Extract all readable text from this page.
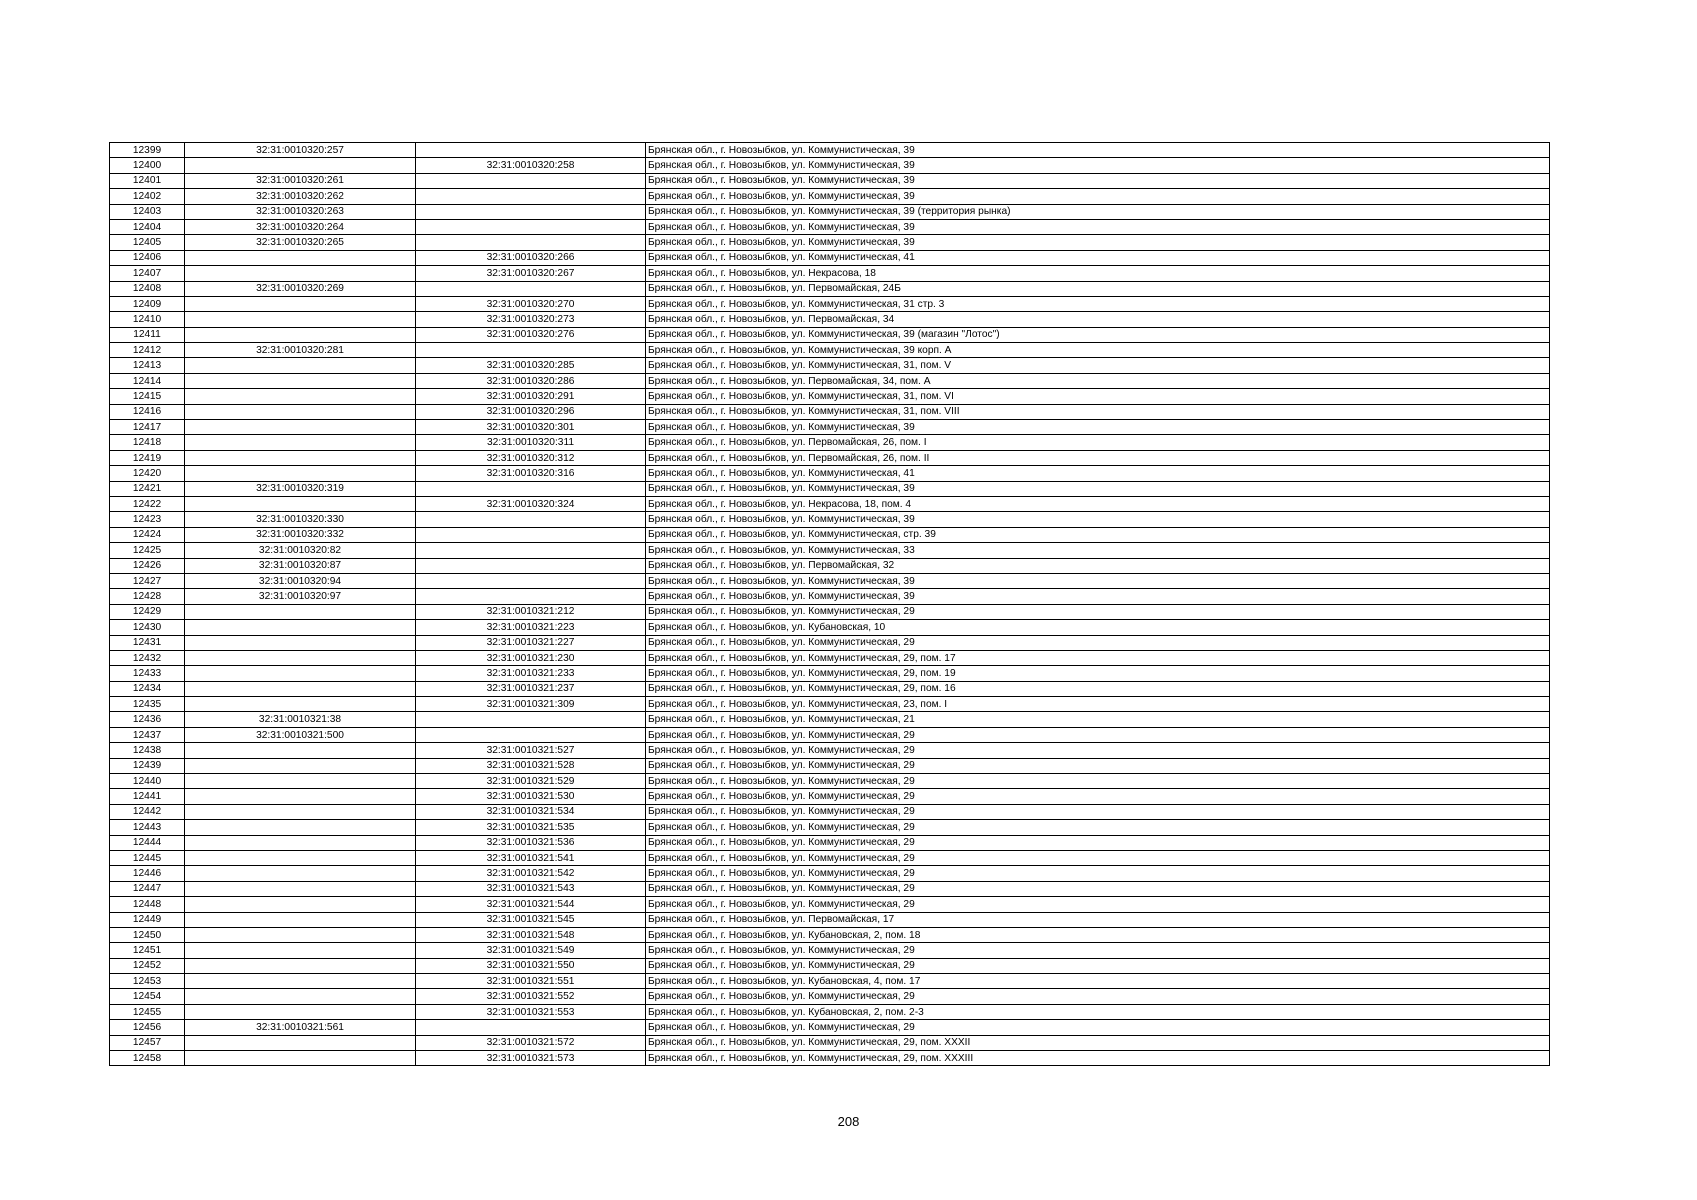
12399	32:31:0010320:257		Брянская обл., г. Новозыбков, ул. Коммунистическая, 39
12400		32:31:0010320:258	Брянская обл., г. Новозыбков, ул. Коммунистическая, 39
12401	32:31:0010320:261		Брянская обл., г. Новозыбков, ул. Коммунистическая, 39
12402	32:31:0010320:262		Брянская обл., г. Новозыбков, ул. Коммунистическая, 39
12403	32:31:0010320:263		Брянская обл., г. Новозыбков, ул. Коммунистическая, 39 (территория рынка)
12404	32:31:0010320:264		Брянская обл., г. Новозыбков, ул. Коммунистическая, 39
12405	32:31:0010320:265		Брянская обл., г. Новозыбков, ул. Коммунистическая, 39
12406		32:31:0010320:266	Брянская обл., г. Новозыбков, ул. Коммунистическая, 41
12407		32:31:0010320:267	Брянская обл., г. Новозыбков, ул. Некрасова, 18
12408	32:31:0010320:269		Брянская обл., г. Новозыбков, ул. Первомайская, 24Б
12409		32:31:0010320:270	Брянская обл., г. Новозыбков, ул. Коммунистическая, 31 стр. 3
12410		32:31:0010320:273	Брянская обл., г. Новозыбков, ул. Первомайская, 34
12411		32:31:0010320:276	Брянская обл., г. Новозыбков, ул. Коммунистическая, 39 (магазин "Лотос")
12412	32:31:0010320:281		Брянская обл., г. Новозыбков, ул. Коммунистическая, 39 корп. А
12413		32:31:0010320:285	Брянская обл., г. Новозыбков, ул. Коммунистическая, 31, пом. V
12414		32:31:0010320:286	Брянская обл., г. Новозыбков, ул. Первомайская, 34, пом. А
12415		32:31:0010320:291	Брянская обл., г. Новозыбков, ул. Коммунистическая, 31, пом. VI
12416		32:31:0010320:296	Брянская обл., г. Новозыбков, ул. Коммунистическая, 31, пом. VIII
12417		32:31:0010320:301	Брянская обл., г. Новозыбков, ул. Коммунистическая, 39
12418		32:31:0010320:311	Брянская обл., г. Новозыбков, ул. Первомайская, 26, пом. I
12419		32:31:0010320:312	Брянская обл., г. Новозыбков, ул. Первомайская, 26, пом. II
12420		32:31:0010320:316	Брянская обл., г. Новозыбков, ул. Коммунистическая, 41
12421	32:31:0010320:319		Брянская обл., г. Новозыбков, ул. Коммунистическая, 39
12422		32:31:0010320:324	Брянская обл., г. Новозыбков, ул. Некрасова, 18, пом. 4
12423	32:31:0010320:330		Брянская обл., г. Новозыбков, ул. Коммунистическая, 39
12424	32:31:0010320:332		Брянская обл., г. Новозыбков, ул. Коммунистическая, стр. 39
12425	32:31:0010320:82		Брянская обл., г. Новозыбков, ул. Коммунистическая, 33
12426	32:31:0010320:87		Брянская обл., г. Новозыбков, ул. Первомайская, 32
12427	32:31:0010320:94		Брянская обл., г. Новозыбков, ул. Коммунистическая, 39
12428	32:31:0010320:97		Брянская обл., г. Новозыбков, ул. Коммунистическая, 39
12429		32:31:0010321:212	Брянская обл., г. Новозыбков, ул. Коммунистическая, 29
12430		32:31:0010321:223	Брянская обл., г. Новозыбков, ул. Кубановская, 10
12431		32:31:0010321:227	Брянская обл., г. Новозыбков, ул. Коммунистическая, 29
12432		32:31:0010321:230	Брянская обл., г. Новозыбков, ул. Коммунистическая, 29, пом. 17
12433		32:31:0010321:233	Брянская обл., г. Новозыбков, ул. Коммунистическая, 29, пом. 19
12434		32:31:0010321:237	Брянская обл., г. Новозыбков, ул. Коммунистическая, 29, пом. 16
12435		32:31:0010321:309	Брянская обл., г. Новозыбков, ул. Коммунистическая, 23, пом. I
12436	32:31:0010321:38		Брянская обл., г. Новозыбков, ул. Коммунистическая, 21
12437	32:31:0010321:500		Брянская обл., г. Новозыбков, ул. Коммунистическая, 29
12438		32:31:0010321:527	Брянская обл., г. Новозыбков, ул. Коммунистическая, 29
12439		32:31:0010321:528	Брянская обл., г. Новозыбков, ул. Коммунистическая, 29
12440		32:31:0010321:529	Брянская обл., г. Новозыбков, ул. Коммунистическая, 29
12441		32:31:0010321:530	Брянская обл., г. Новозыбков, ул. Коммунистическая, 29
12442		32:31:0010321:534	Брянская обл., г. Новозыбков, ул. Коммунистическая, 29
12443		32:31:0010321:535	Брянская обл., г. Новозыбков, ул. Коммунистическая, 29
12444		32:31:0010321:536	Брянская обл., г. Новозыбков, ул. Коммунистическая, 29
12445		32:31:0010321:541	Брянская обл., г. Новозыбков, ул. Коммунистическая, 29
12446		32:31:0010321:542	Брянская обл., г. Новозыбков, ул. Коммунистическая, 29
12447		32:31:0010321:543	Брянская обл., г. Новозыбков, ул. Коммунистическая, 29
12448		32:31:0010321:544	Брянская обл., г. Новозыбков, ул. Коммунистическая, 29
12449		32:31:0010321:545	Брянская обл., г. Новозыбков, ул. Первомайская, 17
12450		32:31:0010321:548	Брянская обл., г. Новозыбков, ул. Кубановская, 2, пом. 18
12451		32:31:0010321:549	Брянская обл., г. Новозыбков, ул. Коммунистическая, 29
12452		32:31:0010321:550	Брянская обл., г. Новозыбков, ул. Коммунистическая, 29
12453		32:31:0010321:551	Брянская обл., г. Новозыбков, ул. Кубановская, 4, пом. 17
12454		32:31:0010321:552	Брянская обл., г. Новозыбков, ул. Коммунистическая, 29
12455		32:31:0010321:553	Брянская обл., г. Новозыбков, ул. Кубановская, 2, пом. 2-3
12456	32:31:0010321:561		Брянская обл., г. Новозыбков, ул. Коммунистическая, 29
12457		32:31:0010321:572	Брянская обл., г. Новозыбков, ул. Коммунистическая, 29, пом. XXXII
12458		32:31:0010321:573	Брянская обл., г. Новозыбков, ул. Коммунистическая, 29, пом. XXXIII
208
